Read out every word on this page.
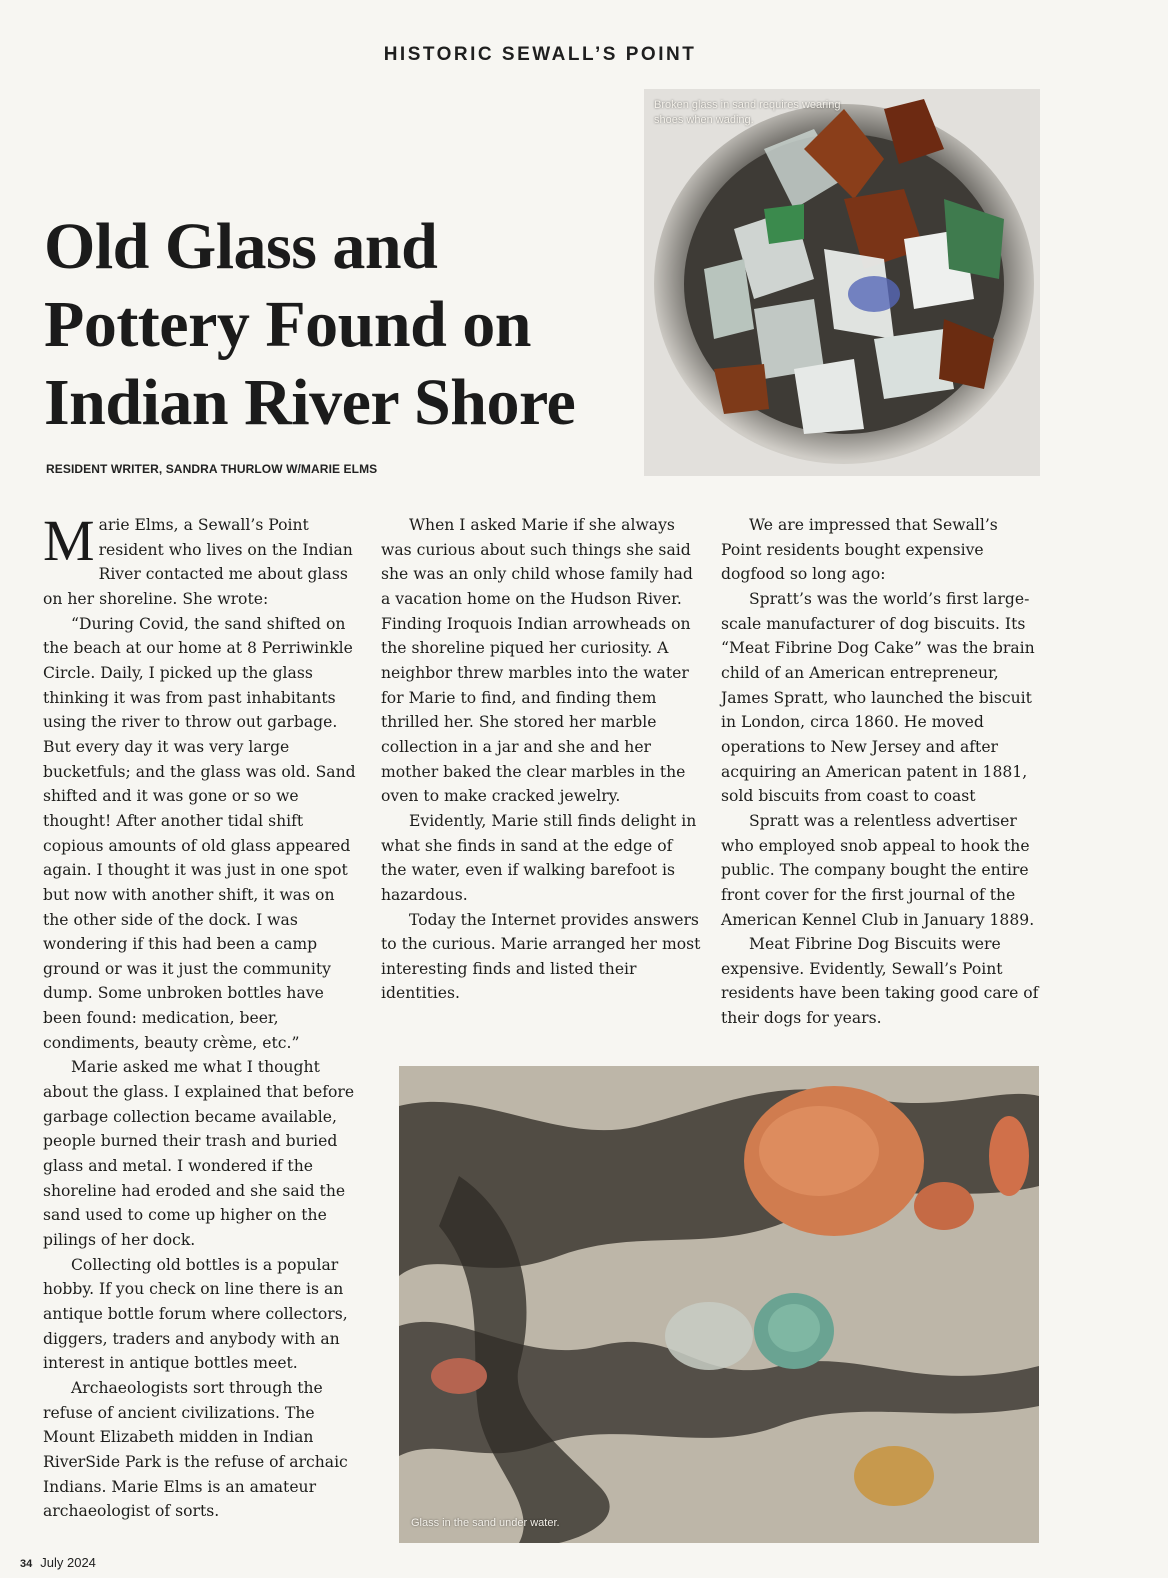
HISTORIC SEWALL’S POINT
Old Glass and
Pottery Found on
Indian River Shore
RESIDENT WRITER, SANDRA THURLOW W/MARIE ELMS
Broken glass in sand requires wearing shoes when wading.
Glass in the sand under water.

Marie Elms, a Sewall’s Point resident who lives on the Indian River contacted me about glass on her shoreline. She wrote:

“During Covid, the sand shifted on the beach at our home at 8 Perriwinkle Circle. Daily, I picked up the glass thinking it was from past inhabitants using the river to throw out garbage. But every day it was very large bucketfuls; and the glass was old. Sand shifted and it was gone or so we thought! After another tidal shift copious amounts of old glass appeared again. I thought it was just in one spot but now with another shift, it was on the other side of the dock. I was wondering if this had been a camp ground or was it just the community dump. Some unbroken bottles have been found: medication, beer, condiments, beauty crème, etc.”

Marie asked me what I thought about the glass. I explained that before garbage collection became available, people burned their trash and buried glass and metal. I wondered if the shoreline had eroded and she said the sand used to come up higher on the pilings of her dock.

Collecting old bottles is a popular hobby. If you check on line there is an antique bottle forum where collectors, diggers, traders and anybody with an interest in antique bottles meet.

Archaeologists sort through the refuse of ancient civilizations. The Mount Elizabeth midden in Indian RiverSide Park is the refuse of archaic Indians. Marie Elms is an amateur archaeologist of sorts.

When I asked Marie if she always was curious about such things she said she was an only child whose family had a vacation home on the Hudson River. Finding Iroquois Indian arrowheads on the shoreline piqued her curiosity. A neighbor threw marbles into the water for Marie to find, and finding them thrilled her. She stored her marble collection in a jar and she and her mother baked the clear marbles in the oven to make cracked jewelry.

Evidently, Marie still finds delight in what she finds in sand at the edge of the water, even if walking barefoot is hazardous.

Today the Internet provides answers to the curious. Marie arranged her most interesting finds and listed their identities.

We are impressed that Sewall’s Point residents bought expensive dogfood so long ago:

Spratt’s was the world’s first large-scale manufacturer of dog biscuits. Its “Meat Fibrine Dog Cake” was the brain child of an American entrepreneur, James Spratt, who launched the biscuit in London, circa 1860. He moved operations to New Jersey and after acquiring an American patent in 1881, sold biscuits from coast to coast

Spratt was a relentless advertiser who employed snob appeal to hook the public. The company bought the entire front cover for the first journal of the American Kennel Club in January 1889.

Meat Fibrine Dog Biscuits were expensive. Evidently, Sewall’s Point residents have been taking good care of their dogs for years.

34 July 2024
